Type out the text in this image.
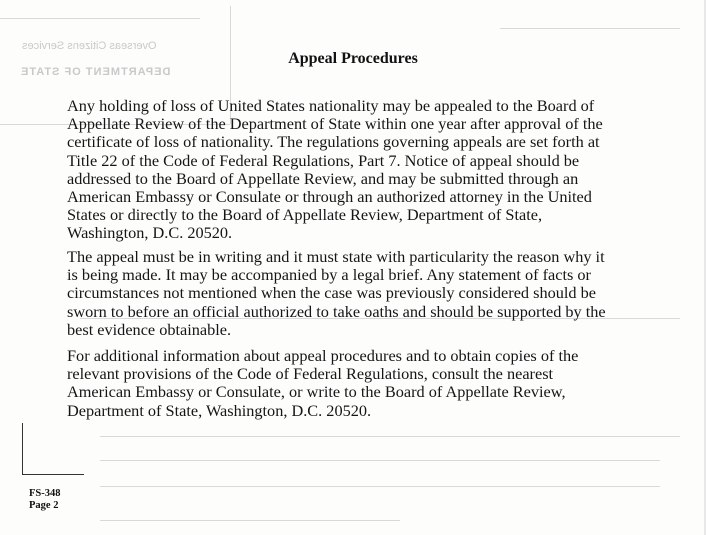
Overseas Citizens Services
DEPARTMENT OF STATE
Appeal Procedures
Any holding of loss of United States nationality may be appealed to the Board of
Appellate Review of the Department of State within one year after approval of the
certificate of loss of nationality. The regulations governing appeals are set forth at
Title 22 of the Code of Federal Regulations, Part 7. Notice of appeal should be
addressed to the Board of Appellate Review, and may be submitted through an
American Embassy or Consulate or through an authorized attorney in the United
States or directly to the Board of Appellate Review, Department of State,
Washington, D.C. 20520.
The appeal must be in writing and it must state with particularity the reason why it
is being made. It may be accompanied by a legal brief. Any statement of facts or
circumstances not mentioned when the case was previously considered should be
sworn to before an official authorized to take oaths and should be supported by the
best evidence obtainable.
For additional information about appeal procedures and to obtain copies of the
relevant provisions of the Code of Federal Regulations, consult the nearest
American Embassy or Consulate, or write to the Board of Appellate Review,
Department of State, Washington, D.C. 20520.
FS-348
Page 2
